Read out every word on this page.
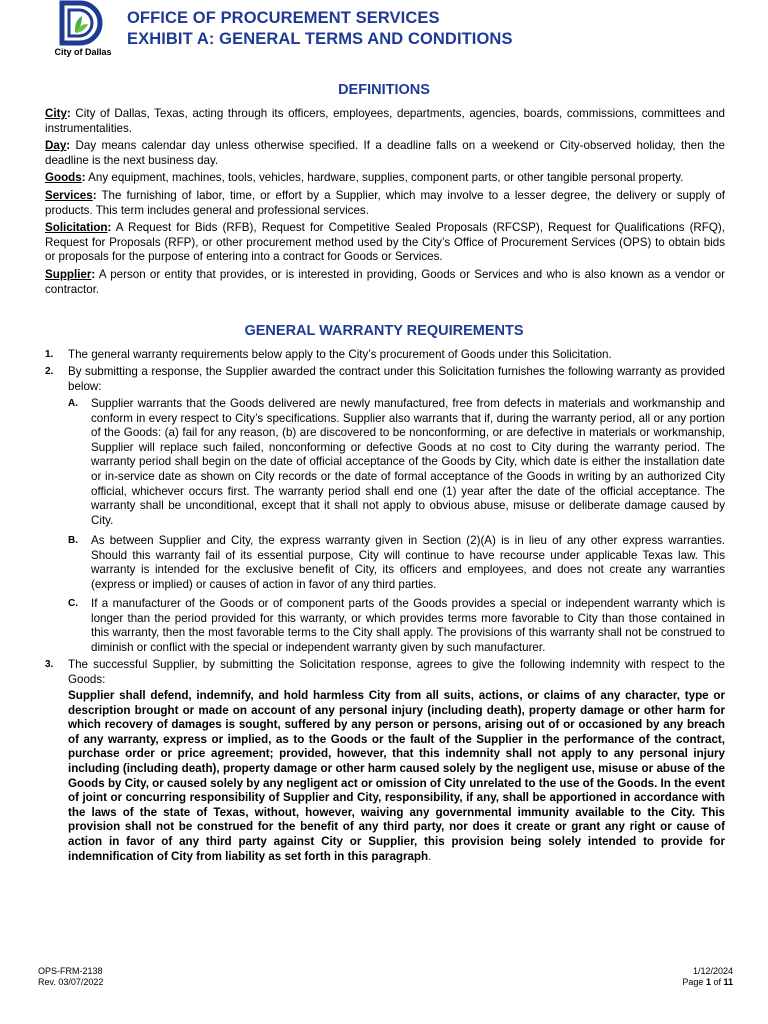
City of Dallas
OFFICE OF PROCUREMENT SERVICES
EXHIBIT A: GENERAL TERMS AND CONDITIONS
DEFINITIONS

City: City of Dallas, Texas, acting through its officers, employees, departments, agencies, boards, commissions, committees and instrumentalities.

Day: Day means calendar day unless otherwise specified. If a deadline falls on a weekend or City-observed holiday, then the deadline is the next business day.

Goods: Any equipment, machines, tools, vehicles, hardware, supplies, component parts, or other tangible personal property.

Services: The furnishing of labor, time, or effort by a Supplier, which may involve to a lesser degree, the delivery or supply of products. This term includes general and professional services.

Solicitation: A Request for Bids (RFB), Request for Competitive Sealed Proposals (RFCSP), Request for Qualifications (RFQ), Request for Proposals (RFP), or other procurement method used by the City’s Office of Procurement Services (OPS) to obtain bids or proposals for the purpose of entering into a contract for Goods or Services.

Supplier: A person or entity that provides, or is interested in providing, Goods or Services and who is also known as a vendor or contractor.

GENERAL WARRANTY REQUIREMENTS
1. The general warranty requirements below apply to the City’s procurement of Goods under this Solicitation.
2. By submitting a response, the Supplier awarded the contract under this Solicitation furnishes the following warranty as provided below:
A. Supplier warrants that the Goods delivered are newly manufactured, free from defects in materials and workmanship and conform in every respect to City’s specifications. Supplier also warrants that if, during the warranty period, all or any portion of the Goods: (a) fail for any reason, (b) are discovered to be nonconforming, or are defective in materials or workmanship, Supplier will replace such failed, nonconforming or defective Goods at no cost to City during the warranty period. The warranty period shall begin on the date of official acceptance of the Goods by City, which date is either the installation date or in-service date as shown on City records or the date of formal acceptance of the Goods in writing by an authorized City official, whichever occurs first. The warranty period shall end one (1) year after the date of the official acceptance. The warranty shall be unconditional, except that it shall not apply to obvious abuse, misuse or deliberate damage caused by City.
B. As between Supplier and City, the express warranty given in Section (2)(A) is in lieu of any other express warranties. Should this warranty fail of its essential purpose, City will continue to have recourse under applicable Texas law. This warranty is intended for the exclusive benefit of City, its officers and employees, and does not create any warranties (express or implied) or causes of action in favor of any third parties.
C. If a manufacturer of the Goods or of component parts of the Goods provides a special or independent warranty which is longer than the period provided for this warranty, or which provides terms more favorable to City than those contained in this warranty, then the most favorable terms to the City shall apply. The provisions of this warranty shall not be construed to diminish or conflict with the special or independent warranty given by such manufacturer.
3. The successful Supplier, by submitting the Solicitation response, agrees to give the following indemnity with respect to the Goods:
Supplier shall defend, indemnify, and hold harmless City from all suits, actions, or claims of any character, type or description brought or made on account of any personal injury (including death), property damage or other harm for which recovery of damages is sought, suffered by any person or persons, arising out of or occasioned by any breach of any warranty, express or implied, as to the Goods or the fault of the Supplier in the performance of the contract, purchase order or price agreement; provided, however, that this indemnity shall not apply to any personal injury including (including death), property damage or other harm caused solely by the negligent use, misuse or abuse of the Goods by City, or caused solely by any negligent act or omission of City unrelated to the use of the Goods. In the event of joint or concurring responsibility of Supplier and City, responsibility, if any, shall be apportioned in accordance with the laws of the state of Texas, without, however, waiving any governmental immunity available to the City. This provision shall not be construed for the benefit of any third party, nor does it create or grant any right or cause of action in favor of any third party against City or Supplier, this provision being solely intended to provide for indemnification of City from liability as set forth in this paragraph.
OPS-FRM-2138
Rev. 03/07/2022
1/12/2024
Page 1 of 11
